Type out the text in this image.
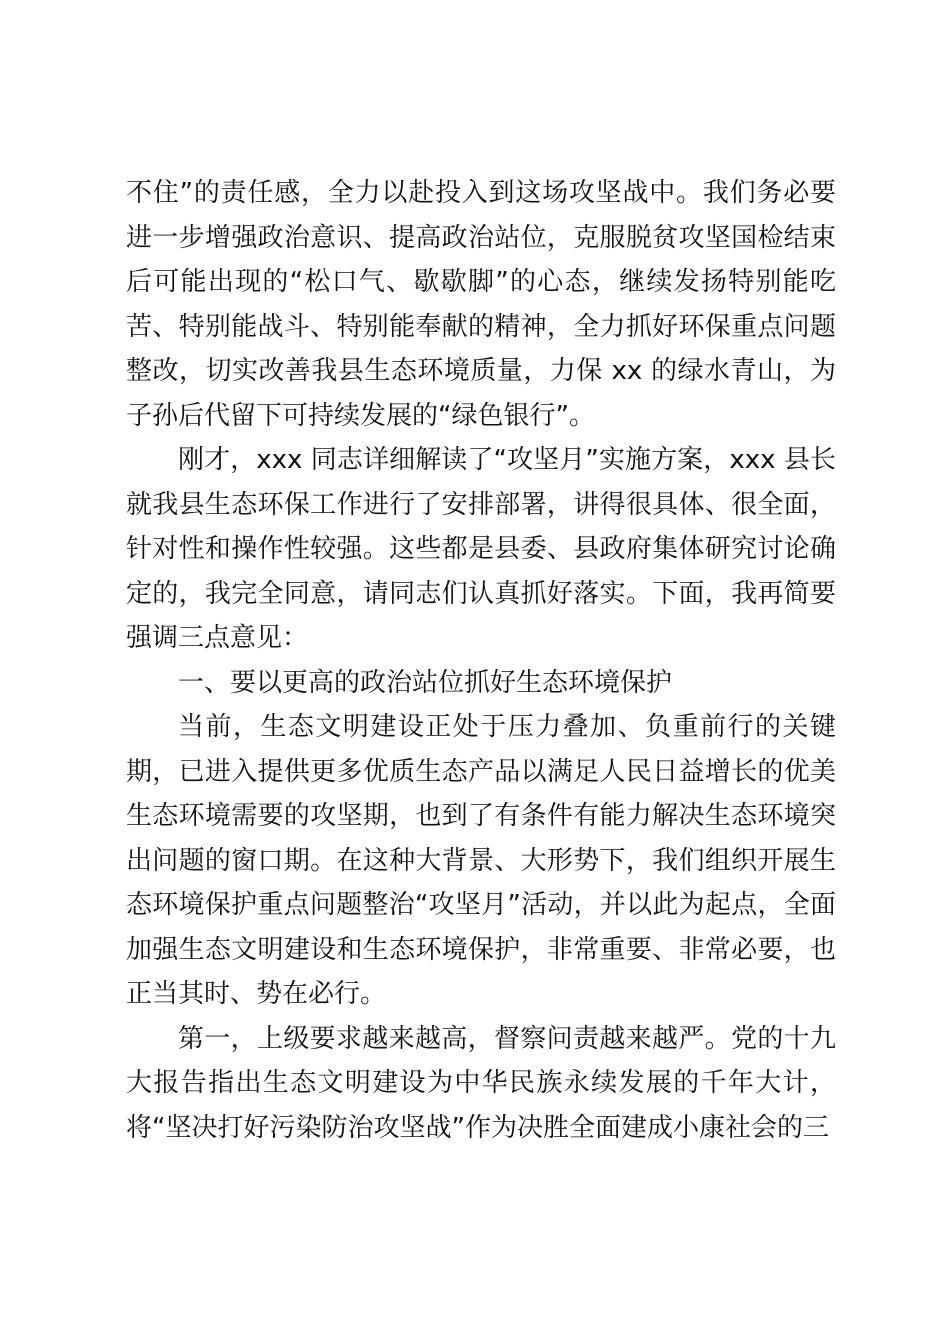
不住”的责任感，全力以赴投入到这场攻坚战中。我们务必要进一步增强政治意识、提高政治站位，克服脱贫攻坚国检结束后可能出现的“松口气、歇歇脚”的心态，继续发扬特别能吃苦、特别能战斗、特别能奉献的精神，全力抓好环保重点问题整改，切实改善我县生态环境质量，力保 xx 的绿水青山，为子孙后代留下可持续发展的“绿色银行”。

刚才，xxx 同志详细解读了“攻坚月”实施方案，xxx 县长就我县生态环保工作进行了安排部署，讲得很具体、很全面，针对性和操作性较强。这些都是县委、县政府集体研究讨论确定的，我完全同意，请同志们认真抓好落实。下面，我再简要强调三点意见：

一、要以更高的政治站位抓好生态环境保护

当前，生态文明建设正处于压力叠加、负重前行的关键期，已进入提供更多优质生态产品以满足人民日益增长的优美生态环境需要的攻坚期，也到了有条件有能力解决生态环境突出问题的窗口期。在这种大背景、大形势下，我们组织开展生态环境保护重点问题整治“攻坚月”活动，并以此为起点，全面加强生态文明建设和生态环境保护，非常重要、非常必要，也正当其时、势在必行。

第一，上级要求越来越高，督察问责越来越严。党的十九大报告指出生态文明建设为中华民族永续发展的千年大计，将“坚决打好污染防治攻坚战”作为决胜全面建成小康社会的三
